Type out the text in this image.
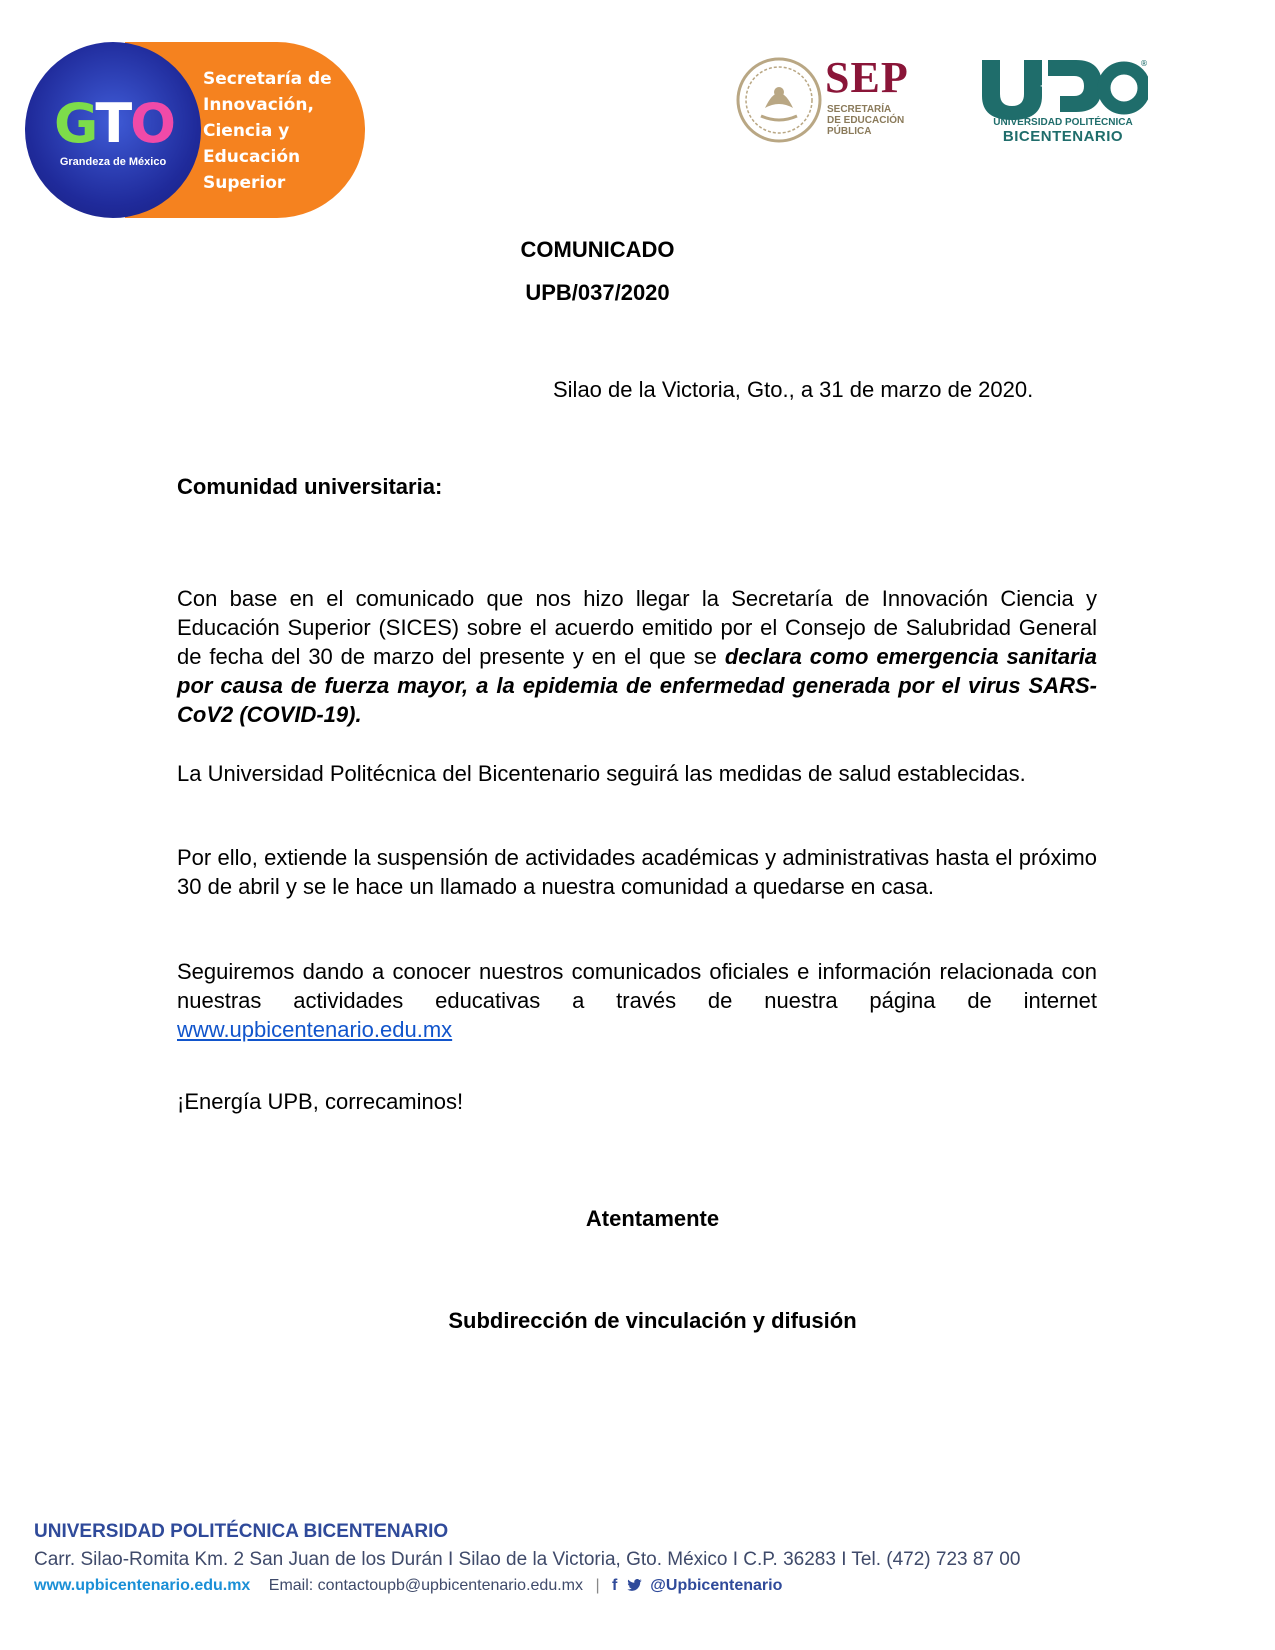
GTO
Grandeza de México
Secretaría de
Innovación,
Ciencia y
Educación
Superior
SEP
SECRETARÍA
DE EDUCACIÓN
PÚBLICA
®
UNIVERSIDAD POLITÉCNICA
BICENTENARIO
COMUNICADO
UPB/037/2020
Silao de la Victoria, Gto., a 31 de marzo de 2020.
Comunidad universitaria:
Con base en el comunicado que nos hizo llegar la Secretaría de Innovación Ciencia y Educación Superior (SICES) sobre el acuerdo emitido por el Consejo de Salubridad General de fecha del 30 de marzo del presente y en el que se declara como emergencia sanitaria por causa de fuerza mayor, a la epidemia de enfermedad generada por el virus SARS-CoV2 (COVID-19).
La Universidad Politécnica del Bicentenario seguirá las medidas de salud establecidas.
Por ello, extiende la suspensión de actividades académicas y administrativas hasta el próximo 30 de abril y se le hace un llamado a nuestra comunidad a quedarse en casa.
Seguiremos dando a conocer nuestros comunicados oficiales e información relacionada con nuestras actividades educativas a través de nuestra página de internet www.upbicentenario.edu.mx
¡Energía UPB, correcaminos!
Atentamente
Subdirección de vinculación y difusión
UNIVERSIDAD POLITÉCNICA BICENTENARIO
Carr. Silao-Romita Km. 2 San Juan de los Durán I Silao de la Victoria, Gto. México I C.P. 36283 I Tel. (472) 723 87 00
www.upbicentenario.edu.mx Email: contactoupb@upbicentenario.edu.mx | f @Upbicentenario
